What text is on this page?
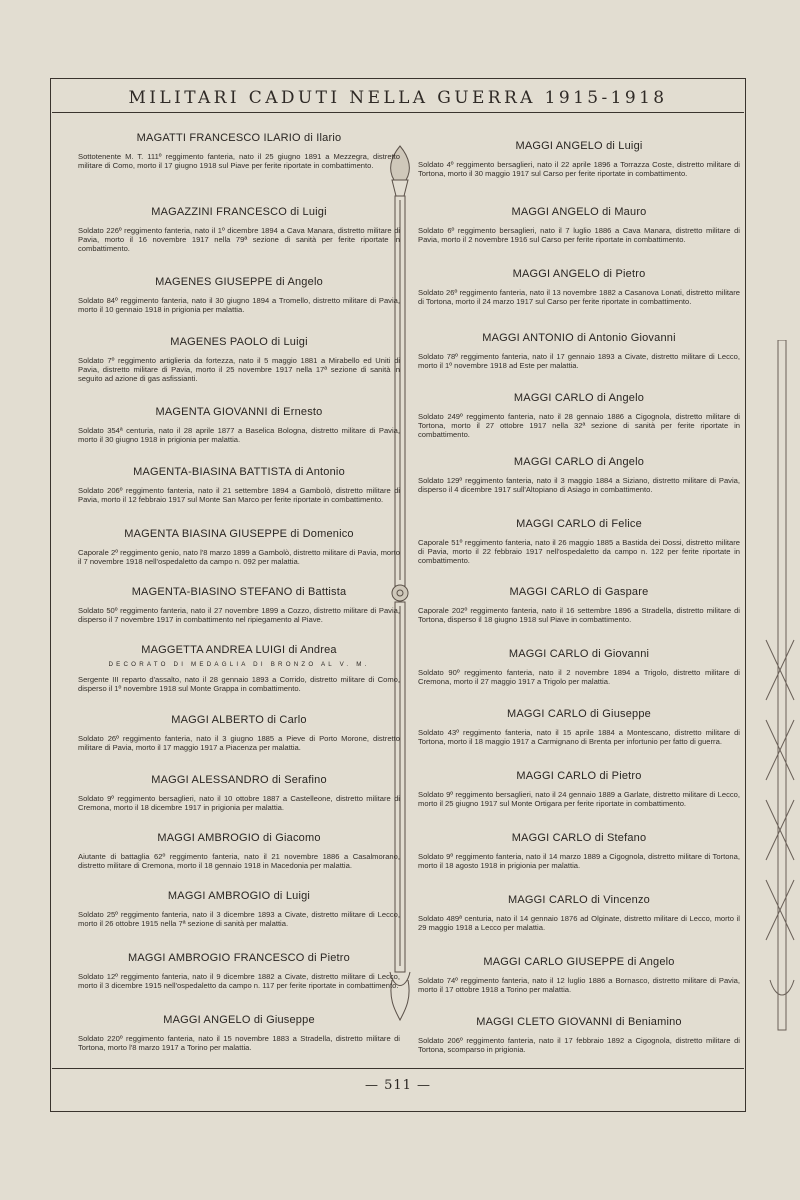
MILITARI CADUTI NELLA GUERRA 1915-1918
MAGATTI FRANCESCO ILARIO di Ilario
Sottotenente M. T. 111º reggimento fanteria, nato il 25 giugno 1891 a Mezzegra, distretto militare di Como, morto il 17 giugno 1918 sul Piave per ferite riportate in combattimento.
MAGAZZINI FRANCESCO di Luigi
Soldato 226º reggimento fanteria, nato il 1º dicembre 1894 a Cava Manara, distretto militare di Pavia, morto il 16 novembre 1917 nella 79ª sezione di sanità per ferite riportate in combattimento.
MAGENES GIUSEPPE di Angelo
Soldato 84º reggimento fanteria, nato il 30 giugno 1894 a Tromello, distretto militare di Pavia, morto il 10 gennaio 1918 in prigionia per malattia.
MAGENES PAOLO di Luigi
Soldato 7º reggimento artiglieria da fortezza, nato il 5 maggio 1881 a Mirabello ed Uniti di Pavia, distretto militare di Pavia, morto il 25 novembre 1917 nella 17ª sezione di sanità in seguito ad azione di gas asfissianti.
MAGENTA GIOVANNI di Ernesto
Soldato 354ª centuria, nato il 28 aprile 1877 a Baselica Bologna, distretto militare di Pavia, morto il 30 giugno 1918 in prigionia per malattia.
MAGENTA-BIASINA BATTISTA di Antonio
Soldato 206º reggimento fanteria, nato il 21 settembre 1894 a Gambolò, distretto militare di Pavia, morto il 12 febbraio 1917 sul Monte San Marco per ferite riportate in combattimento.
MAGENTA BIASINA GIUSEPPE di Domenico
Caporale 2º reggimento genio, nato l'8 marzo 1899 a Gambolò, distretto militare di Pavia, morto il 7 novembre 1918 nell'ospedaletto da campo n. 092 per malattia.
MAGENTA-BIASINO STEFANO di Battista
Soldato 50º reggimento fanteria, nato il 27 novembre 1899 a Cozzo, distretto militare di Pavia, disperso il 7 novembre 1917 in combattimento nel ripiegamento al Piave.
MAGGETTA ANDREA LUIGI di Andrea
DECORATO DI MEDAGLIA DI BRONZO AL V. M.
Sergente III reparto d'assalto, nato il 28 gennaio 1893 a Corrido, distretto militare di Como, disperso il 1º novembre 1918 sul Monte Grappa in combattimento.
MAGGI ALBERTO di Carlo
Soldato 26º reggimento fanteria, nato il 3 giugno 1885 a Pieve di Porto Morone, distretto militare di Pavia, morto il 17 maggio 1917 a Piacenza per malattia.
MAGGI ALESSANDRO di Serafino
Soldato 9º reggimento bersaglieri, nato il 10 ottobre 1887 a Castelleone, distretto militare di Cremona, morto il 18 dicembre 1917 in prigionia per malattia.
MAGGI AMBROGIO di Giacomo
Aiutante di battaglia 62º reggimento fanteria, nato il 21 novembre 1886 a Casalmorano, distretto militare di Cremona, morto il 18 gennaio 1918 in Macedonia per malattia.
MAGGI AMBROGIO di Luigi
Soldato 25º reggimento fanteria, nato il 3 dicembre 1893 a Civate, distretto militare di Lecco, morto il 26 ottobre 1915 nella 7ª sezione di sanità per malattia.
MAGGI AMBROGIO FRANCESCO di Pietro
Soldato 12º reggimento fanteria, nato il 9 dicembre 1882 a Civate, distretto militare di Lecco, morto il 3 dicembre 1915 nell'ospedaletto da campo n. 117 per ferite riportate in combattimento.
MAGGI ANGELO di Giuseppe
Soldato 220º reggimento fanteria, nato il 15 novembre 1883 a Stradella, distretto militare di Tortona, morto l'8 marzo 1917 a Torino per malattia.
MAGGI ANGELO di Luigi
Soldato 4º reggimento bersaglieri, nato il 22 aprile 1896 a Torrazza Coste, distretto militare di Tortona, morto il 30 maggio 1917 sul Carso per ferite riportate in combattimento.
MAGGI ANGELO di Mauro
Soldato 6º reggimento bersaglieri, nato il 7 luglio 1886 a Cava Manara, distretto militare di Pavia, morto il 2 novembre 1916 sul Carso per ferite riportate in combattimento.
MAGGI ANGELO di Pietro
Soldato 26º reggimento fanteria, nato il 13 novembre 1882 a Casanova Lonati, distretto militare di Tortona, morto il 24 marzo 1917 sul Carso per ferite riportate in combattimento.
MAGGI ANTONIO di Antonio Giovanni
Soldato 78º reggimento fanteria, nato il 17 gennaio 1893 a Civate, distretto militare di Lecco, morto il 1º novembre 1918 ad Este per malattia.
MAGGI CARLO di Angelo
Soldato 249º reggimento fanteria, nato il 28 gennaio 1886 a Cigognola, distretto militare di Tortona, morto il 27 ottobre 1917 nella 32ª sezione di sanità per ferite riportate in combattimento.
MAGGI CARLO di Angelo
Soldato 129º reggimento fanteria, nato il 3 maggio 1884 a Siziano, distretto militare di Pavia, disperso il 4 dicembre 1917 sull'Altopiano di Asiago in combattimento.
MAGGI CARLO di Felice
Caporale 51º reggimento fanteria, nato il 26 maggio 1885 a Bastida dei Dossi, distretto militare di Pavia, morto il 22 febbraio 1917 nell'ospedaletto da campo n. 122 per ferite riportate in combattimento.
MAGGI CARLO di Gaspare
Caporale 202º reggimento fanteria, nato il 16 settembre 1896 a Stradella, distretto militare di Tortona, disperso il 18 giugno 1918 sul Piave in combattimento.
MAGGI CARLO di Giovanni
Soldato 90º reggimento fanteria, nato il 2 novembre 1894 a Trigolo, distretto militare di Cremona, morto il 27 maggio 1917 a Trigolo per malattia.
MAGGI CARLO di Giuseppe
Soldato 43º reggimento fanteria, nato il 15 aprile 1884 a Montescano, distretto militare di Tortona, morto il 18 maggio 1917 a Carmignano di Brenta per infortunio per fatto di guerra.
MAGGI CARLO di Pietro
Soldato 9º reggimento bersaglieri, nato il 24 gennaio 1889 a Garlate, distretto militare di Lecco, morto il 25 giugno 1917 sul Monte Ortigara per ferite riportate in combattimento.
MAGGI CARLO di Stefano
Soldato 9º reggimento fanteria, nato il 14 marzo 1889 a Cigognola, distretto militare di Tortona, morto il 18 agosto 1918 in prigionia per malattia.
MAGGI CARLO di Vincenzo
Soldato 489ª centuria, nato il 14 gennaio 1876 ad Olginate, distretto militare di Lecco, morto il 29 maggio 1918 a Lecco per malattia.
MAGGI CARLO GIUSEPPE di Angelo
Soldato 74º reggimento fanteria, nato il 12 luglio 1886 a Bornasco, distretto militare di Pavia, morto il 17 ottobre 1918 a Torino per malattia.
MAGGI CLETO GIOVANNI di Beniamino
Soldato 206º reggimento fanteria, nato il 17 febbraio 1892 a Cigognola, distretto militare di Tortona, scomparso in prigionia.
— 511 —
